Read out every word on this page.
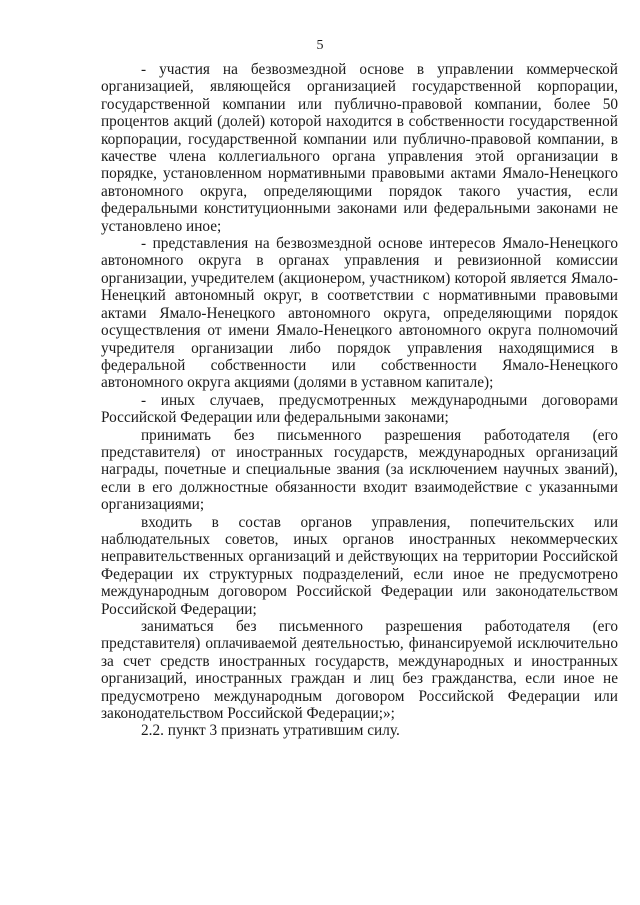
5

- участия на безвозмездной основе в управлении коммерческой организацией, являющейся организацией государственной корпорации, государственной компании или публично-правовой компании, более 50 процентов акций (долей) которой находится в собственности государственной корпорации, государственной компании или публично-правовой компании, в качестве члена коллегиального органа управления этой организации в порядке, установленном нормативными правовыми актами Ямало-Ненецкого автономного округа, определяющими порядок такого участия, если федеральными конституционными законами или федеральными законами не установлено иное;

- представления на безвозмездной основе интересов Ямало-Ненецкого автономного округа в органах управления и ревизионной комиссии организации, учредителем (акционером, участником) которой является Ямало-Ненецкий автономный округ, в соответствии с нормативными правовыми актами Ямало-Ненецкого автономного округа, определяющими порядок осуществления от имени Ямало-Ненецкого автономного округа полномочий учредителя организации либо порядок управления находящимися в федеральной собственности или собственности Ямало-Ненецкого автономного округа акциями (долями в уставном капитале);

- иных случаев, предусмотренных международными договорами Российской Федерации или федеральными законами;

принимать без письменного разрешения работодателя (его представителя) от иностранных государств, международных организаций награды, почетные и специальные звания (за исключением научных званий), если в его должностные обязанности входит взаимодействие с указанными организациями;

входить в состав органов управления, попечительских или наблюдательных советов, иных органов иностранных некоммерческих неправительственных организаций и действующих на территории Российской Федерации их структурных подразделений, если иное не предусмотрено международным договором Российской Федерации или законодательством Российской Федерации;

заниматься без письменного разрешения работодателя (его представителя) оплачиваемой деятельностью, финансируемой исключительно за счет средств иностранных государств, международных и иностранных организаций, иностранных граждан и лиц без гражданства, если иное не предусмотрено международным договором Российской Федерации или законодательством Российской Федерации;»;

2.2. пункт 3 признать утратившим силу.
